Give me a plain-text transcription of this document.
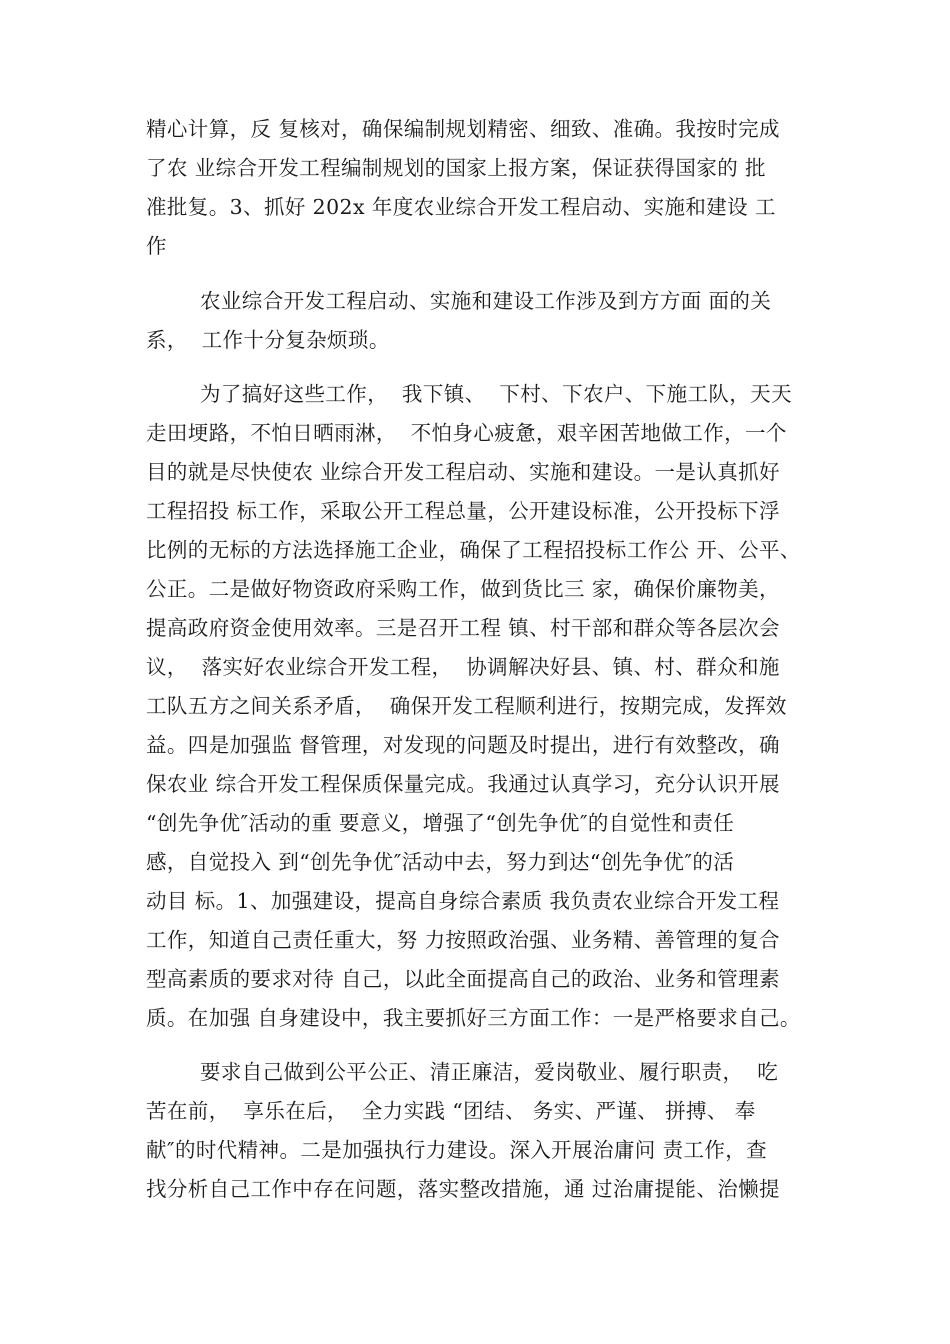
精心计算，反 复核对，确保编制规划精密、细致、准确。我按时完成
了农 业综合开发工程编制规划的国家上报方案，保证获得国家的 批
准批复。3、抓好 202x 年度农业综合开发工程启动、实施和建设 工
作
农业综合开发工程启动、实施和建设工作涉及到方方面 面的关
系，  工作十分复杂烦琐。
为了搞好这些工作，  我下镇、  下村、下农户、下施工队，天天
走田埂路，不怕日晒雨淋，  不怕身心疲惫，艰辛困苦地做工作，一个
目的就是尽快使农 业综合开发工程启动、实施和建设。一是认真抓好
工程招投 标工作，采取公开工程总量，公开建设标准，公开投标下浮
比例的无标的方法选择施工企业，确保了工程招投标工作公 开、公平、
公正。二是做好物资政府采购工作，做到货比三 家，确保价廉物美，
提高政府资金使用效率。三是召开工程 镇、村干部和群众等各层次会
议，  落实好农业综合开发工程，  协调解决好县、镇、村、群众和施
工队五方之间关系矛盾，  确保开发工程顺利进行，按期完成，发挥效
益。四是加强监 督管理，对发现的问题及时提出，进行有效整改，确
保农业 综合开发工程保质保量完成。我通过认真学习，充分认识开展
“创先争优″活动的重 要意义，增强了“创先争优″的自觉性和责任
感，自觉投入 到“创先争优″活动中去，努力到达“创先争优″的活
动目 标。1、加强建设，提高自身综合素质 我负责农业综合开发工程
工作，知道自己责任重大，努 力按照政治强、业务精、善管理的复合
型高素质的要求对待 自己，以此全面提高自己的政治、业务和管理素
质。在加强 自身建设中，我主要抓好三方面工作：一是严格要求自己。
要求自己做到公平公正、清正廉洁，爱岗敬业、履行职责，  吃
苦在前，  享乐在后，  全力实践 “团结、 务实、严谨、 拼搏、 奉
献″的时代精神。二是加强执行力建设。深入开展治庸问 责工作，查
找分析自己工作中存在问题，落实整改措施，通 过治庸提能、治懒提
